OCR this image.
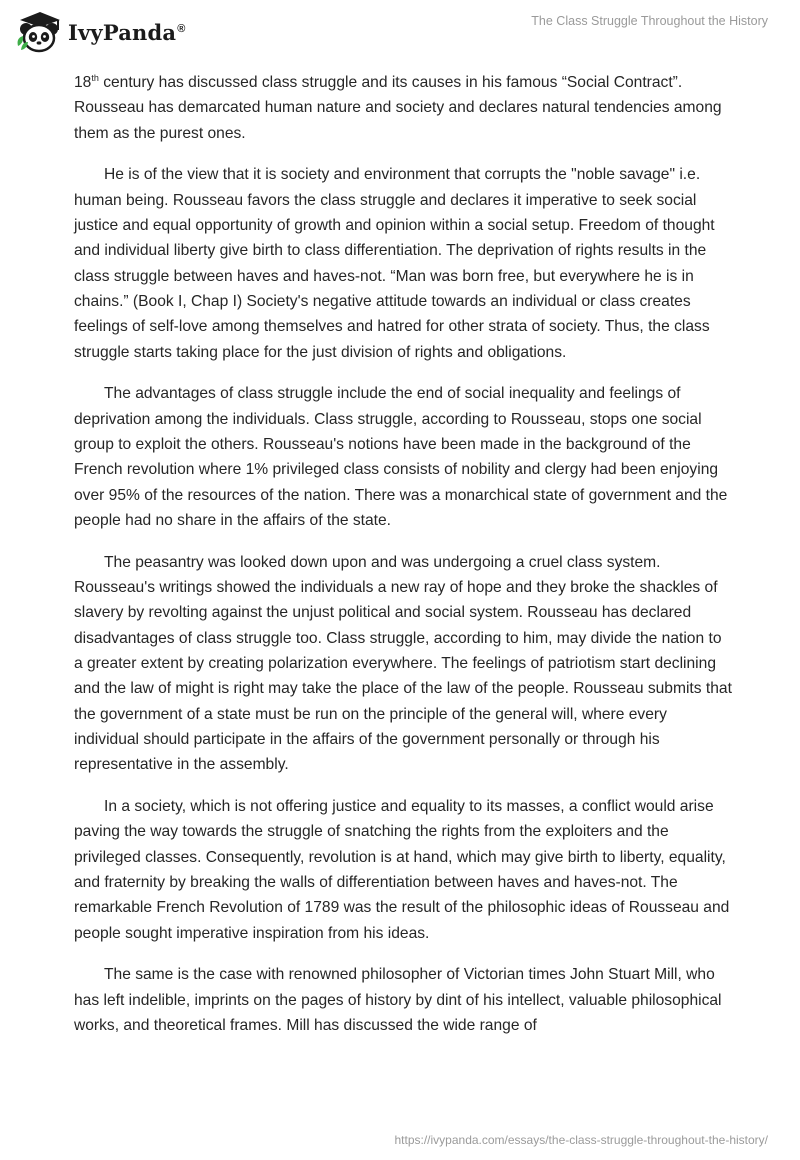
IvyPanda®
The Class Struggle Throughout the History

18th century has discussed class struggle and its causes in his famous “Social Contract”. Rousseau has demarcated human nature and society and declares natural tendencies among them as the purest ones.

He is of the view that it is society and environment that corrupts the "noble savage" i.e. human being. Rousseau favors the class struggle and declares it imperative to seek social justice and equal opportunity of growth and opinion within a social setup. Freedom of thought and individual liberty give birth to class differentiation. The deprivation of rights results in the class struggle between haves and haves-not. “Man was born free, but everywhere he is in chains.” (Book I, Chap I) Society's negative attitude towards an individual or class creates feelings of self-love among themselves and hatred for other strata of society. Thus, the class struggle starts taking place for the just division of rights and obligations.

The advantages of class struggle include the end of social inequality and feelings of deprivation among the individuals. Class struggle, according to Rousseau, stops one social group to exploit the others. Rousseau's notions have been made in the background of the French revolution where 1% privileged class consists of nobility and clergy had been enjoying over 95% of the resources of the nation. There was a monarchical state of government and the people had no share in the affairs of the state.

The peasantry was looked down upon and was undergoing a cruel class system. Rousseau's writings showed the individuals a new ray of hope and they broke the shackles of slavery by revolting against the unjust political and social system. Rousseau has declared disadvantages of class struggle too. Class struggle, according to him, may divide the nation to a greater extent by creating polarization everywhere. The feelings of patriotism start declining and the law of might is right may take the place of the law of the people. Rousseau submits that the government of a state must be run on the principle of the general will, where every individual should participate in the affairs of the government personally or through his representative in the assembly.

In a society, which is not offering justice and equality to its masses, a conflict would arise paving the way towards the struggle of snatching the rights from the exploiters and the privileged classes. Consequently, revolution is at hand, which may give birth to liberty, equality, and fraternity by breaking the walls of differentiation between haves and haves-not. The remarkable French Revolution of 1789 was the result of the philosophic ideas of Rousseau and people sought imperative inspiration from his ideas.

The same is the case with renowned philosopher of Victorian times John Stuart Mill, who has left indelible, imprints on the pages of history by dint of his intellect, valuable philosophical works, and theoretical frames. Mill has discussed the wide range of

https://ivypanda.com/essays/the-class-struggle-throughout-the-history/
